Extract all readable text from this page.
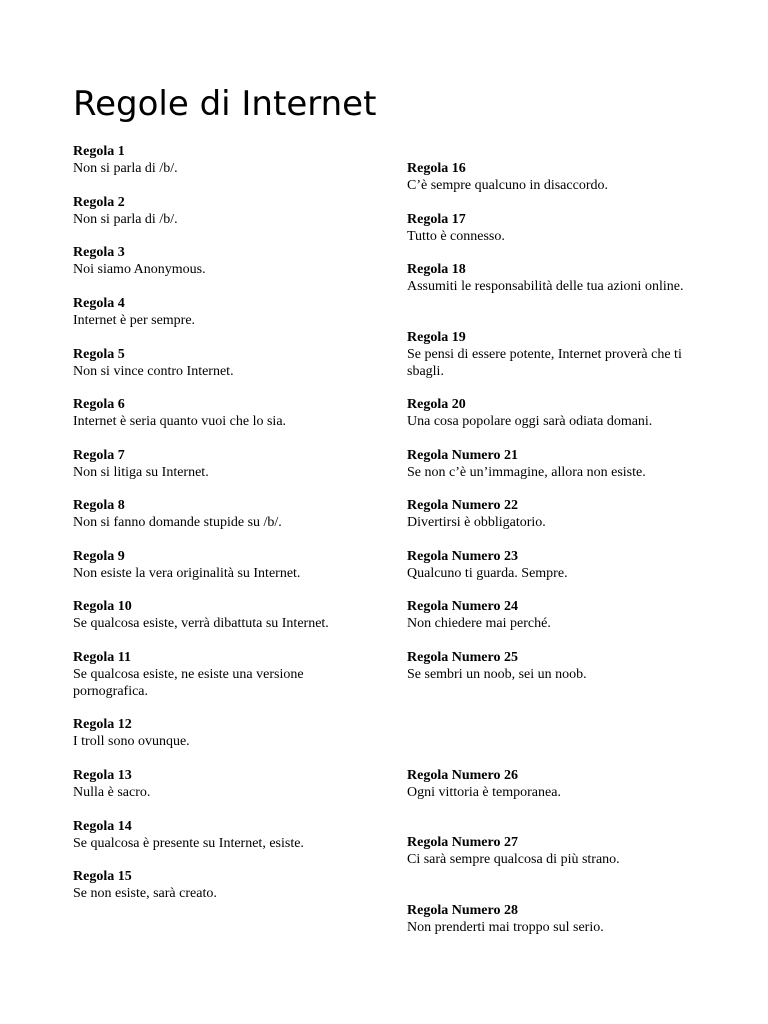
Regole di Internet
Regola 1
Non si parla di /b/.
Regola 2
Non si parla di /b/.
Regola 3
Noi siamo Anonymous.
Regola 4
Internet è per sempre.
Regola 5
Non si vince contro Internet.
Regola 6
Internet è seria quanto vuoi che lo sia.
Regola 7
Non si litiga su Internet.
Regola 8
Non si fanno domande stupide su /b/.
Regola 9
Non esiste la vera originalità su Internet.
Regola 10
Se qualcosa esiste, verrà dibattuta su Internet.
Regola 11
Se qualcosa esiste, ne esiste una versione pornografica.
Regola 12
I troll sono ovunque.
Regola 13
Nulla è sacro.
Regola 14
Se qualcosa è presente su Internet, esiste.
Regola 15
Se non esiste, sarà creato.
Regola 16
C’è sempre qualcuno in disaccordo.
Regola 17
Tutto è connesso.
Regola 18
Assumiti le responsabilità delle tua azioni online.
Regola 19
Se pensi di essere potente, Internet proverà che ti sbagli.
Regola 20
Una cosa popolare oggi sarà odiata domani.
Regola Numero 21
Se non c’è un’immagine, allora non esiste.
Regola Numero 22
Divertirsi è obbligatorio.
Regola Numero 23
Qualcuno ti guarda. Sempre.
Regola Numero 24
Non chiedere mai perché.
Regola Numero 25
Se sembri un noob, sei un noob.
Regola Numero 26
Ogni vittoria è temporanea.
Regola Numero 27
Ci sarà sempre qualcosa di più strano.
Regola Numero 28
Non prenderti mai troppo sul serio.
